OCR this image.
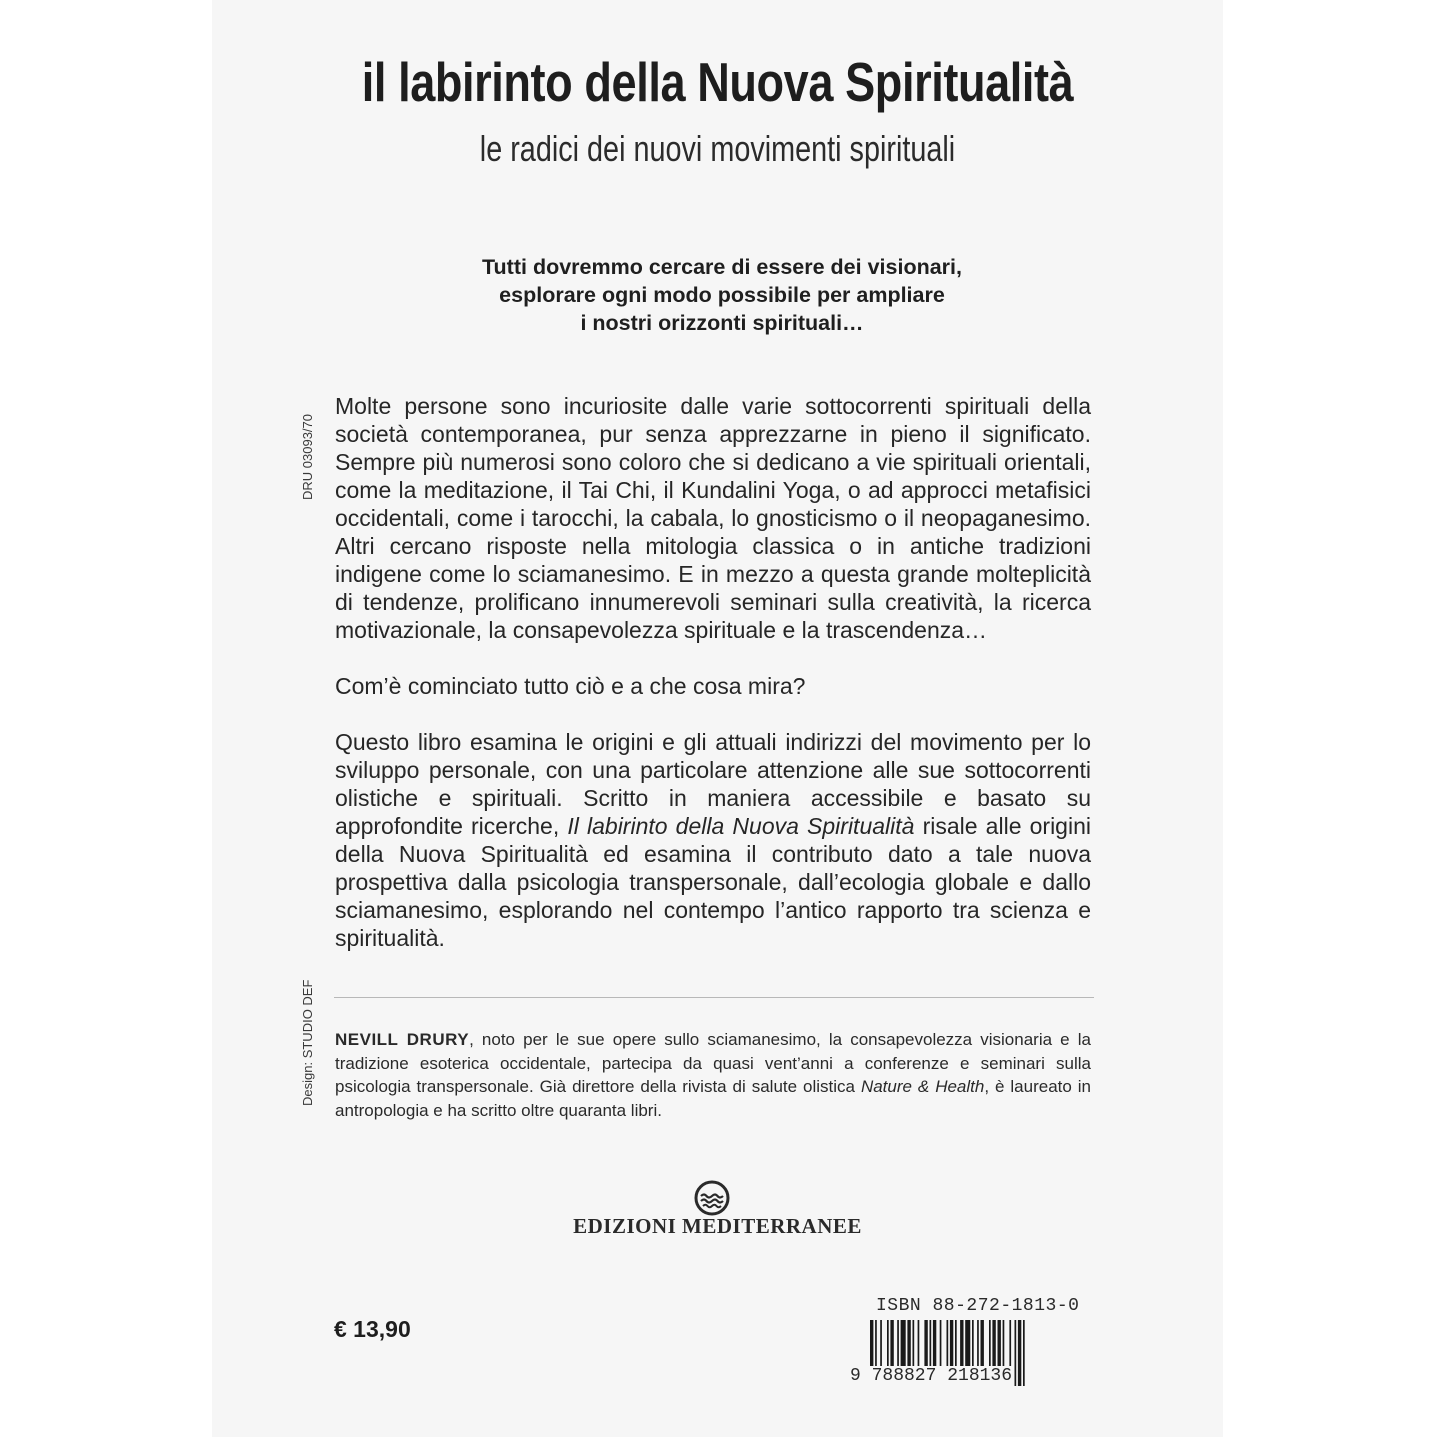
il labirinto della Nuova Spiritualità
le radici dei nuovi movimenti spirituali
Tutti dovremmo cercare di essere dei visionari,
esplorare ogni modo possibile per ampliare
i nostri orizzonti spirituali…
DRU 03093/70

Molte persone sono incuriosite dalle varie sottocorrenti spirituali della società contemporanea, pur senza apprezzarne in pieno il significato. Sempre più numerosi sono coloro che si dedicano a vie spirituali orientali, come la meditazione, il Tai Chi, il Kundalini Yoga, o ad approcci metafisici occidentali, come i tarocchi, la cabala, lo gnosticismo o il neopaganesimo. Altri cercano risposte nella mitologia classica o in antiche tradizioni indigene come lo sciamanesimo. E in mezzo a questa grande molteplicità di tendenze, prolificano innumerevoli seminari sulla creatività, la ricerca motivazionale, la consapevolezza spirituale e la trascendenza…

Com’è cominciato tutto ciò e a che cosa mira?

Questo libro esamina le origini e gli attuali indirizzi del movimento per lo sviluppo personale, con una particolare attenzione alle sue sottocorrenti olistiche e spirituali. Scritto in maniera accessibile e basato su approfondite ricerche, Il labirinto della Nuova Spiritualità risale alle origini della Nuova Spiritualità ed esamina il contributo dato a tale nuova prospettiva dalla psicologia transpersonale, dall’ecologia globale e dallo sciamanesimo, esplorando nel contempo l’antico rapporto tra scienza e spiritualità.

Design: STUDIO DEF NEVILL DRURY, noto per le sue opere sullo sciamanesimo, la consapevolezza visionaria e la tradizione esoterica occidentale, partecipa da quasi vent’anni a conferenze e seminari sulla psicologia transpersonale. Già direttore della rivista di salute olistica Nature & Health, è laureato in antropologia e ha scritto oltre quaranta libri.
EDIZIONI MEDITERRANEE
€ 13,90
ISBN 88-272-1813-0
9 788827 218136
